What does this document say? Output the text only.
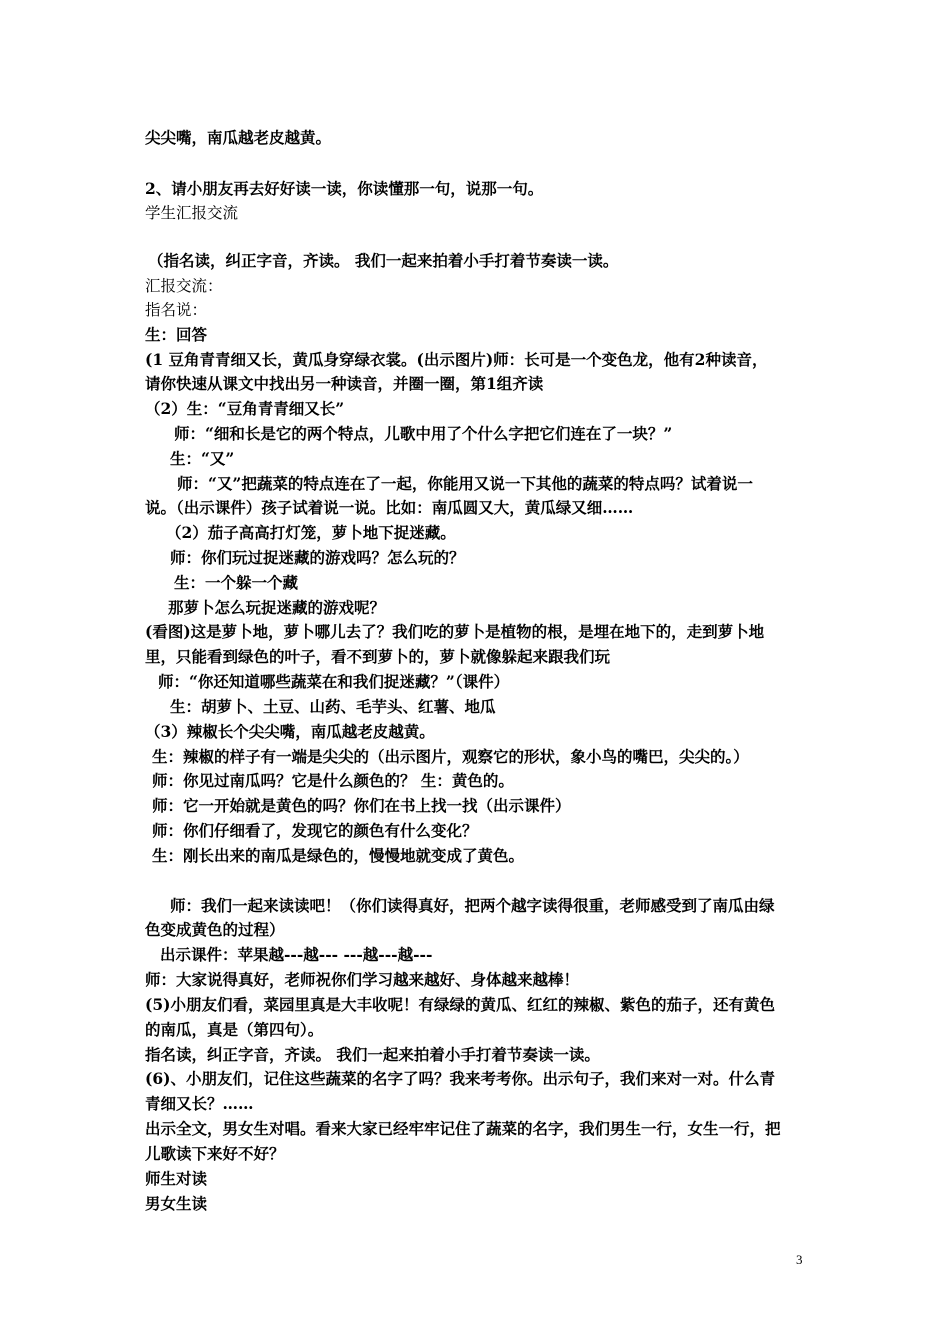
尖尖嘴，南瓜越老皮越黄。
2、请小朋友再去好好读一读，你读懂那一句，说那一句。
学生汇报交流
（指名读，纠正字音，齐读。 我们一起来拍着小手打着节奏读一读。
汇报交流：
指名说：
生：回答
(1 豆角青青细又长，黄瓜身穿绿衣裳。(出示图片)师：长可是一个变色龙，他有2种读音，
请你快速从课文中找出另一种读音，并圈一圈，第1组齐读
（2）生：“豆角青青细又长”
师：“细和长是它的两个特点，儿歌中用了个什么字把它们连在了一块？”
生：“又”
师：“又”把蔬菜的特点连在了一起，你能用又说一下其他的蔬菜的特点吗？试着说一
说。（出示课件）孩子试着说一说。比如：南瓜圆又大，黄瓜绿又细……
（2）茄子高高打灯笼，萝卜地下捉迷藏。
师：你们玩过捉迷藏的游戏吗？怎么玩的？
生：一个躲一个藏
那萝卜怎么玩捉迷藏的游戏呢？
(看图)这是萝卜地，萝卜哪儿去了？我们吃的萝卜是植物的根，是埋在地下的，走到萝卜地
里，只能看到绿色的叶子，看不到萝卜的，萝卜就像躲起来跟我们玩
师：“你还知道哪些蔬菜在和我们捉迷藏？”（课件）
生：胡萝卜、土豆、山药、毛芋头、红薯、地瓜
（3）辣椒长个尖尖嘴，南瓜越老皮越黄。
生：辣椒的样子有一端是尖尖的（出示图片，观察它的形状，象小鸟的嘴巴，尖尖的。）
师：你见过南瓜吗？它是什么颜色的？ 生：黄色的。
师：它一开始就是黄色的吗？你们在书上找一找（出示课件）
师：你们仔细看了，发现它的颜色有什么变化？
生：刚长出来的南瓜是绿色的，慢慢地就变成了黄色。
师：我们一起来读读吧！（你们读得真好，把两个越字读得很重，老师感受到了南瓜由绿
色变成黄色的过程）
出示课件：苹果越---越--- ---越---越---
师：大家说得真好，老师祝你们学习越来越好、身体越来越棒！
(5)小朋友们看，菜园里真是大丰收呢！有绿绿的黄瓜、红红的辣椒、紫色的茄子，还有黄色
的南瓜，真是（第四句）。
指名读，纠正字音，齐读。 我们一起来拍着小手打着节奏读一读。
(6)、小朋友们，记住这些蔬菜的名字了吗？我来考考你。出示句子，我们来对一对。什么青
青细又长？……
出示全文，男女生对唱。看来大家已经牢牢记住了蔬菜的名字，我们男生一行，女生一行，把
儿歌读下来好不好？
师生对读
男女生读
3
